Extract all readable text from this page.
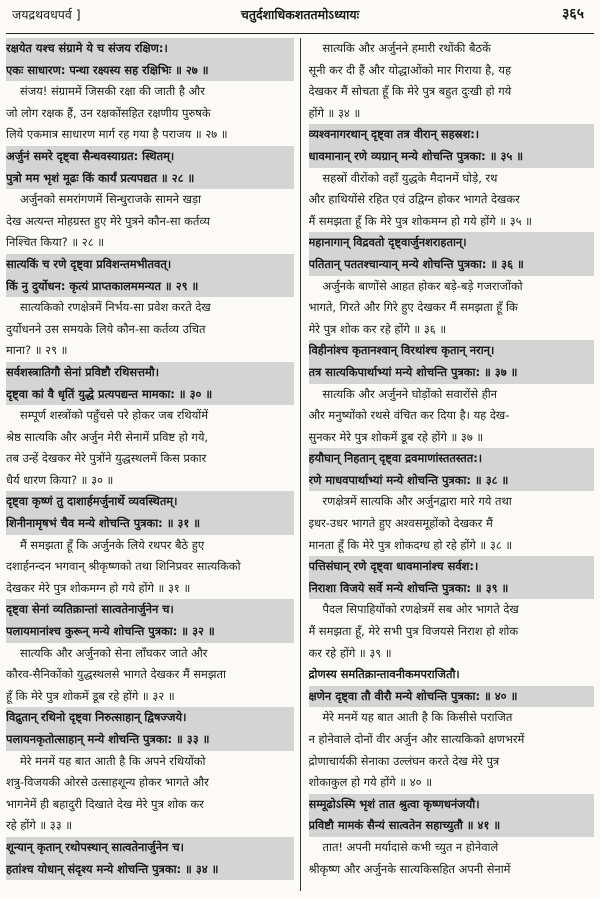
जयद्रथवधपर्व ]	चतुर्दशाधिकशततमोऽध्यायः	३६५
रक्षयेत यश्च संग्रामे ये च संजय रक्षिण:।
एकः साधारण: पन्था रक्ष्यस्य सह रक्षिभिः ॥ २७ ॥
संजय! संग्राममें जिसकी रक्षा की जाती है और
जो लोग रक्षक हैं, उन रक्षकोंसहित रक्षणीय पुरुषके
लिये एकमात्र साधारण मार्ग रह गया है पराजय ॥ २७ ॥
अर्जुनं समरे दृष्ट्वा सैन्धवस्याग्रत: स्थितम्।
पुत्रो मम भृशं मूढः किं कार्यं प्रत्यपद्यत ॥ २८ ॥
अर्जुनको समरांगणमें सिन्धुराजके सामने खड़ा
देख अत्यन्त मोहग्रस्त हुए मेरे पुत्रने कौन-सा कर्तव्य
निश्चित किया? ॥ २८ ॥
सात्यकिं च रणे दृष्ट्वा प्रविशन्तमभीतवत्।
किं नु दुर्योधन: कृत्यं प्राप्तकालममन्यत ॥ २९ ॥
सात्यकिको रणक्षेत्रमें निर्भय-सा प्रवेश करते देख
दुर्योधनने उस समयके लिये कौन-सा कर्तव्य उचित
माना? ॥ २९ ॥
सर्वशस्त्रातिगौ सेनां प्रविष्टौ रथिसत्तमौ।
दृष्ट्वा कां वै धृतिं युद्धे प्रत्यपद्यन्त मामका: ॥ ३० ॥
सम्पूर्ण शस्त्रोंको पहुँचसे परे होकर जब रथियोंमें
श्रेष्ठ सात्यकि और अर्जुन मेरी सेनामें प्रविष्ट हो गये,
तब उन्हें देखकर मेरे पुत्रोंने युद्धस्थलमें किस प्रकार
धैर्य धारण किया? ॥ ३० ॥
दृष्ट्वा कृष्णं तु दाशार्हमर्जुनार्थे व्यवस्थितम्।
शिनीनामृषभं चैव मन्ये शोचन्ति पुत्रका: ॥ ३१ ॥
मैं समझता हूँ कि अर्जुनके लिये रथपर बैठे हुए
दशार्हनन्दन भगवान् श्रीकृष्णको तथा शिनिप्रवर सात्यकिको
देखकर मेरे पुत्र शोकमग्न हो गये होंगे ॥ ३१ ॥
दृष्ट्वा सेनां व्यतिक्रान्तां सात्वतेनार्जुनेन च।
पलायमानांश्च कुरून् मन्ये शोचन्ति पुत्रका: ॥ ३२ ॥
सात्यकि और अर्जुनको सेना लाँघकर जाते और
कौरव-सैनिकोंको युद्धस्थलसे भागते देखकर मैं समझता
हूँ कि मेरे पुत्र शोकमें डूब रहे होंगे ॥ ३२ ॥
विद्रुतान् रथिनो दृष्ट्वा निरुत्साहान् द्विषज्जये।
पलायनकृतोत्साहान् मन्ये शोचन्ति पुत्रका: ॥ ३३ ॥
मेरे मनमें यह बात आती है कि अपने रथियोंको
शत्रु-विजयकी ओरसे उत्साहशून्य होकर भागते और
भागनेमें ही बहादुरी दिखाते देख मेरे पुत्र शोक कर
रहे होंगे ॥ ३३ ॥
शून्यान् कृतान् रथोपस्थान् सात्वतेनार्जुनेन च।
हतांश्च योधान् संदृश्य मन्ये शोचन्ति पुत्रका: ॥ ३४ ॥
सात्यकि और अर्जुनने हमारी रथोंकी बैठकें
सूनी कर दी हैं और योद्धाओंको मार गिराया है, यह
देखकर मैं सोचता हूँ कि मेरे पुत्र बहुत दुःखी हो गये
होंगे ॥ ३४ ॥
व्यश्वनागरथान् दृष्ट्वा तत्र वीरान् सहस्रश:।
धावमानान् रणे व्यग्रान् मन्ये शोचन्ति पुत्रका: ॥ ३५ ॥
सहस्रों वीरोंको वहाँ युद्धके मैदानमें घोड़े, रथ
और हाथियोंसे रहित एवं उद्विग्न होकर भागते देखकर
मैं समझता हूँ कि मेरे पुत्र शोकमग्न हो गये होंगे ॥ ३५ ॥
महानागान् विद्रवतो दृष्ट्वार्जुनशराहतान्।
पतितान् पततश्चान्यान् मन्ये शोचन्ति पुत्रका: ॥ ३६ ॥
अर्जुनके बाणोंसे आहत होकर बड़े-बड़े गजराजोंको
भागते, गिरते और गिरे हुए देखकर मैं समझता हूँ कि
मेरे पुत्र शोक कर रहे होंगे ॥ ३६ ॥
विहीनांश्च कृतानश्वान् विरथांश्च कृतान् नरान्।
तत्र सात्यकिपार्थाभ्यां मन्ये शोचन्ति पुत्रका: ॥ ३७ ॥
सात्यकि और अर्जुनने घोड़ोंको सवारोंसे हीन
और मनुष्योंको रथसे वंचित कर दिया है। यह देख-
सुनकर मेरे पुत्र शोकमें डूब रहे होंगे ॥ ३७ ॥
हयौघान् निहतान् दृष्ट्वा द्रवमाणांस्ततस्तत:।
रणे माधवपार्थाभ्यां मन्ये शोचन्ति पुत्रका: ॥ ३८ ॥
रणक्षेत्रमें सात्यकि और अर्जुनद्वारा मारे गये तथा
इधर-उधर भागते हुए अश्वसमूहोंको देखकर मैं
मानता हूँ कि मेरे पुत्र शोकदग्ध हो रहे होंगे ॥ ३८ ॥
पत्तिसंघान् रणे दृष्ट्वा धावमानांश्च सर्वश:।
निराशा विजये सर्वे मन्ये शोचन्ति पुत्रका: ॥ ३९ ॥
पैदल सिपाहियोंको रणक्षेत्रमें सब ओर भागते देख
मैं समझता हूँ, मेरे सभी पुत्र विजयसे निराश हो शोक
कर रहे होंगे ॥ ३९ ॥
द्रोणस्य समतिक्रान्तावनीकमपराजितौ।
क्षणेन दृष्ट्वा तौ वीरौ मन्ये शोचन्ति पुत्रका: ॥ ४० ॥
मेरे मनमें यह बात आती है कि किसीसे पराजित
न होनेवाले दोनों वीर अर्जुन और सात्यकिको क्षणभरमें
द्रोणाचार्यकी सेनाका उल्लंघन करते देख मेरे पुत्र
शोकाकुल हो गये होंगे ॥ ४० ॥
सम्मूढोऽस्मि भृशं तात श्रुत्वा कृष्णधनंजयौ।
प्रविष्टौ मामकं सैन्यं सात्वतेन सहाच्युतौ ॥ ४१ ॥
तात! अपनी मर्यादासे कभी च्युत न होनेवाले
श्रीकृष्ण और अर्जुनके सात्यकिसहित अपनी सेनामें
